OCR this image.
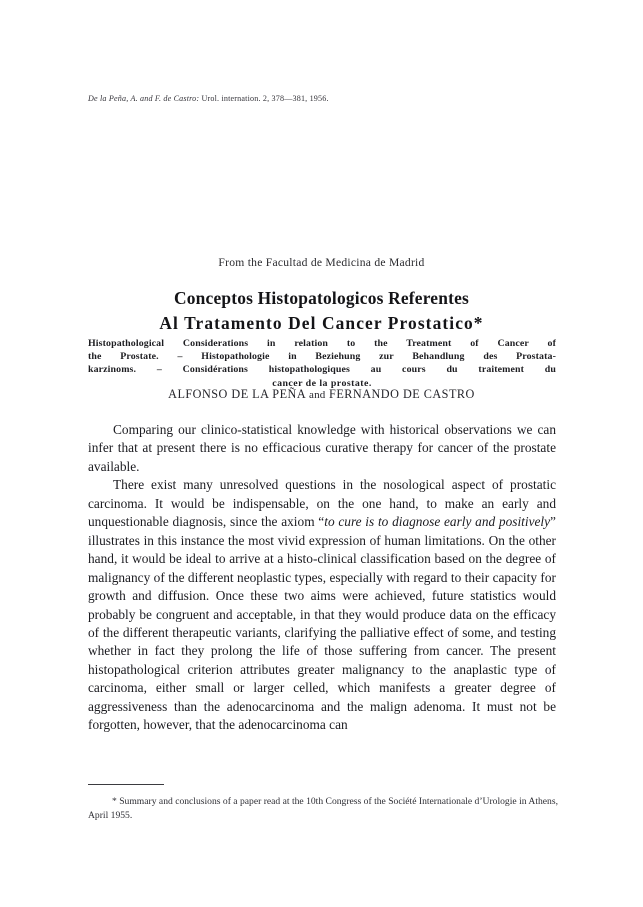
De la Peña, A. and F. de Castro: Urol. internation. 2, 378—381, 1956.
From the Facultad de Medicina de Madrid
Conceptos Histopatologicos Referentes
Al Tratamento Del Cancer Prostatico*
Histopathological Considerations in relation to the Treatment of Cancer of
the Prostate. – Histopathologie in Beziehung zur Behandlung des Prostata-
karzinoms. – Considérations histopathologiques au cours du traitement du
cancer de la prostate.
ALFONSO DE LA PEÑA and FERNANDO DE CASTRO

Comparing our clinico-statistical knowledge with historical observations we can infer that at present there is no efficacious curative therapy for cancer of the prostate available.

There exist many unresolved questions in the nosological aspect of prostatic carcinoma. It would be indispensable, on the one hand, to make an early and unquestionable diagnosis, since the axiom “to cure is to diagnose early and positively” illustrates in this instance the most vivid expression of human limitations. On the other hand, it would be ideal to arrive at a histo-clinical classification based on the degree of malignancy of the different neoplastic types, especially with regard to their capacity for growth and diffusion. Once these two aims were achieved, future statistics would probably be congruent and acceptable, in that they would produce data on the efficacy of the different therapeutic variants, clarifying the palliative effect of some, and testing whether in fact they prolong the life of those suffering from cancer. The present histopathological criterion attributes greater malignancy to the anaplastic type of carcinoma, either small or larger celled, which manifests a greater degree of aggressiveness than the adenocarcinoma and the malign adenoma. It must not be forgotten, however, that the adenocarcinoma can

* Summary and conclusions of a paper read at the 10th Congress of the Société Internationale d’Urologie in Athens, April 1955.
